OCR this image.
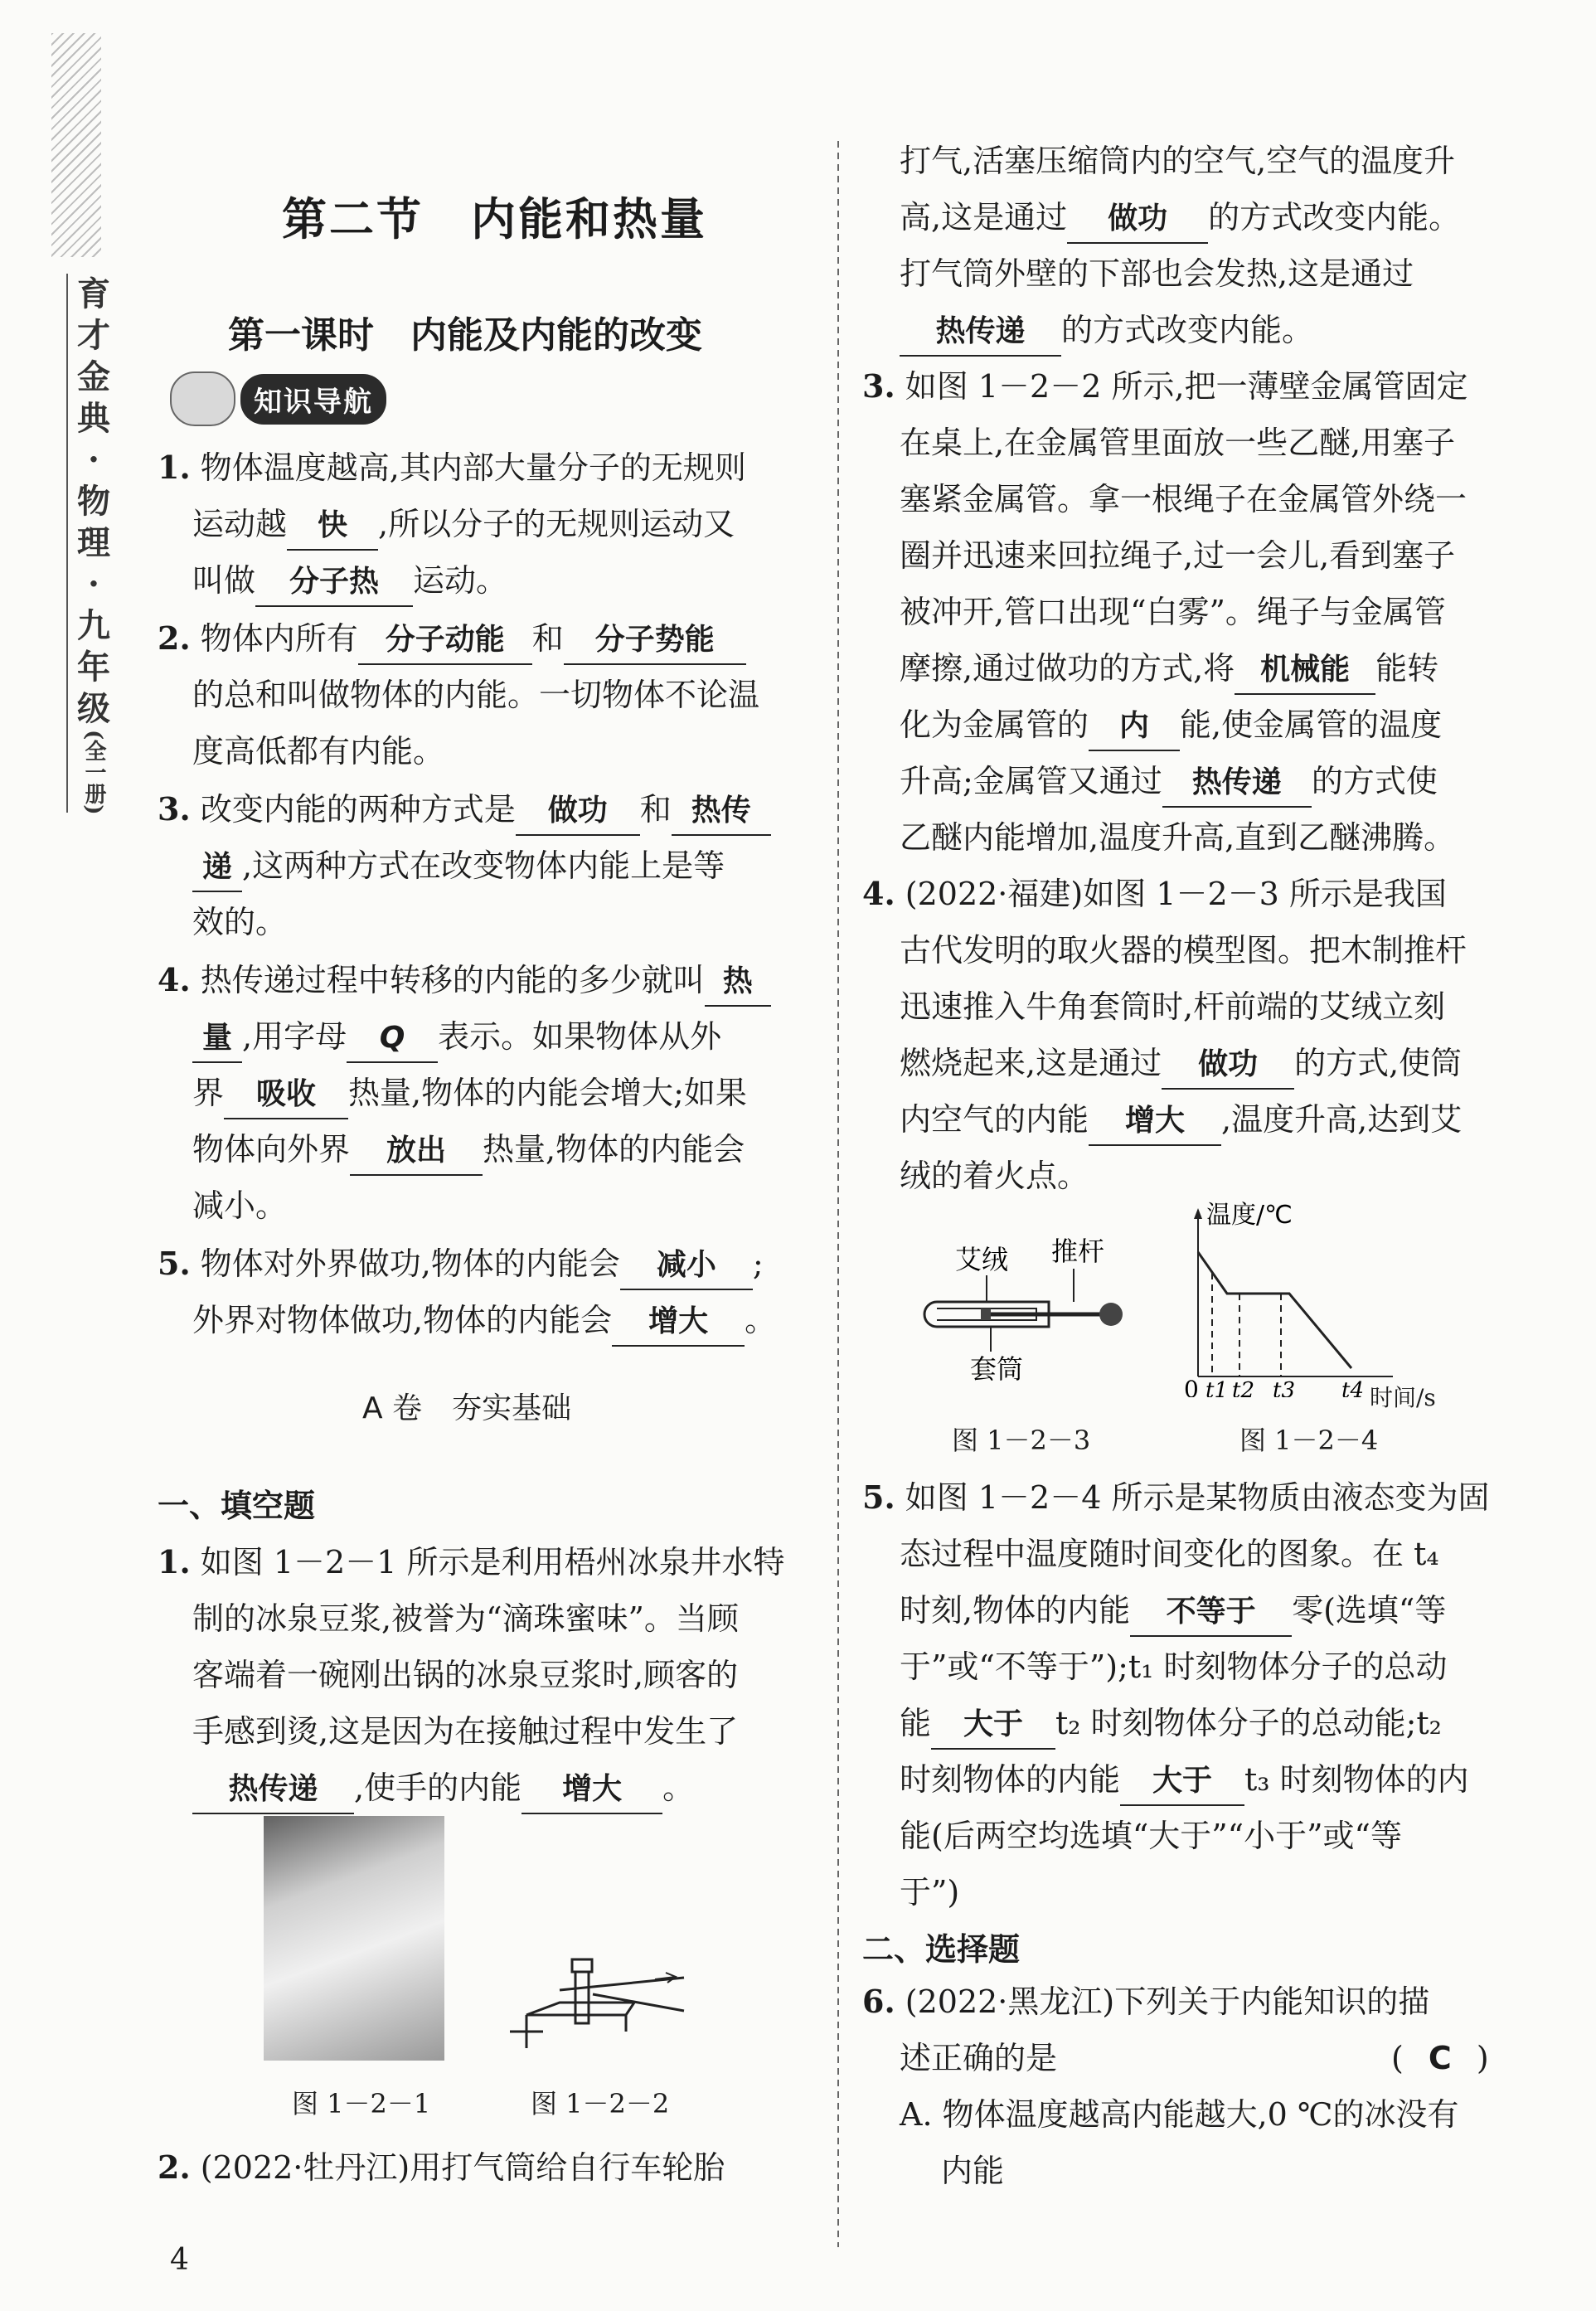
育
才
金
典
·
物
理
·
九
年
级
(全一册)
第二节　内能和热量
第一课时　内能及内能的改变
知识导航
1. 物体温度越高,其内部大量分子的无规则
运动越 快 ,所以分子的无规则运动又
叫做 分子热 运动。
2. 物体内所有 分子动能 和 分子势能
的总和叫做物体的内能。一切物体不论温
度高低都有内能。
3. 改变内能的两种方式是 做功 和 热传
递 ,这两种方式在改变物体内能上是等
效的。
4. 热传递过程中转移的内能的多少就叫 热
量 ,用字母 Q 表示。如果物体从外
界 吸收 热量,物体的内能会增大;如果
物体向外界 放出 热量,物体的内能会
减小。
5. 物体对外界做功,物体的内能会 减小 ;
外界对物体做功,物体的内能会 增大 。
A 卷　夯实基础
一、填空题
1. 如图 1－2－1 所示是利用梧州冰泉井水特
制的冰泉豆浆,被誉为“滴珠蜜味”。当顾
客端着一碗刚出锅的冰泉豆浆时,顾客的
手感到烫,这是因为在接触过程中发生了
热传递 ,使手的内能 增大 。
图 1－2－1	图 1－2－2
2. (2022·牡丹江)用打气筒给自行车轮胎
4
打气,活塞压缩筒内的空气,空气的温度升
高,这是通过 做功 的方式改变内能。
打气筒外壁的下部也会发热,这是通过
热传递 的方式改变内能。
3. 如图 1－2－2 所示,把一薄壁金属管固定
在桌上,在金属管里面放一些乙醚,用塞子
塞紧金属管。拿一根绳子在金属管外绕一
圈并迅速来回拉绳子,过一会儿,看到塞子
被冲开,管口出现“白雾”。绳子与金属管
摩擦,通过做功的方式,将 机械能 能转
化为金属管的 内 能,使金属管的温度
升高;金属管又通过 热传递 的方式使
乙醚内能增加,温度升高,直到乙醚沸腾。
4. (2022·福建)如图 1－2－3 所示是我国
古代发明的取火器的模型图。把木制推杆
迅速推入牛角套筒时,杆前端的艾绒立刻
燃烧起来,这是通过 做功 的方式,使筒
内空气的内能 增大 ,温度升高,达到艾
绒的着火点。
艾绒 推杆
套筒
图 1－2－3
温度/℃
0 t1 t2 t3 t4 时间/s
图 1－2－4
5. 如图 1－2－4 所示是某物质由液态变为固
态过程中温度随时间变化的图象。在 t₄
时刻,物体的内能 不等于 零(选填“等
于”或“不等于”);t₁ 时刻物体分子的总动
能 大于 t₂ 时刻物体分子的总动能;t₂
时刻物体的内能 大于 t₃ 时刻物体的内
能(后两空均选填“大于”“小于”或“等
于”)
二、选择题
6. (2022·黑龙江)下列关于内能知识的描
述正确的是	( C )
A. 物体温度越高内能越大,0 ℃的冰没有
内能
